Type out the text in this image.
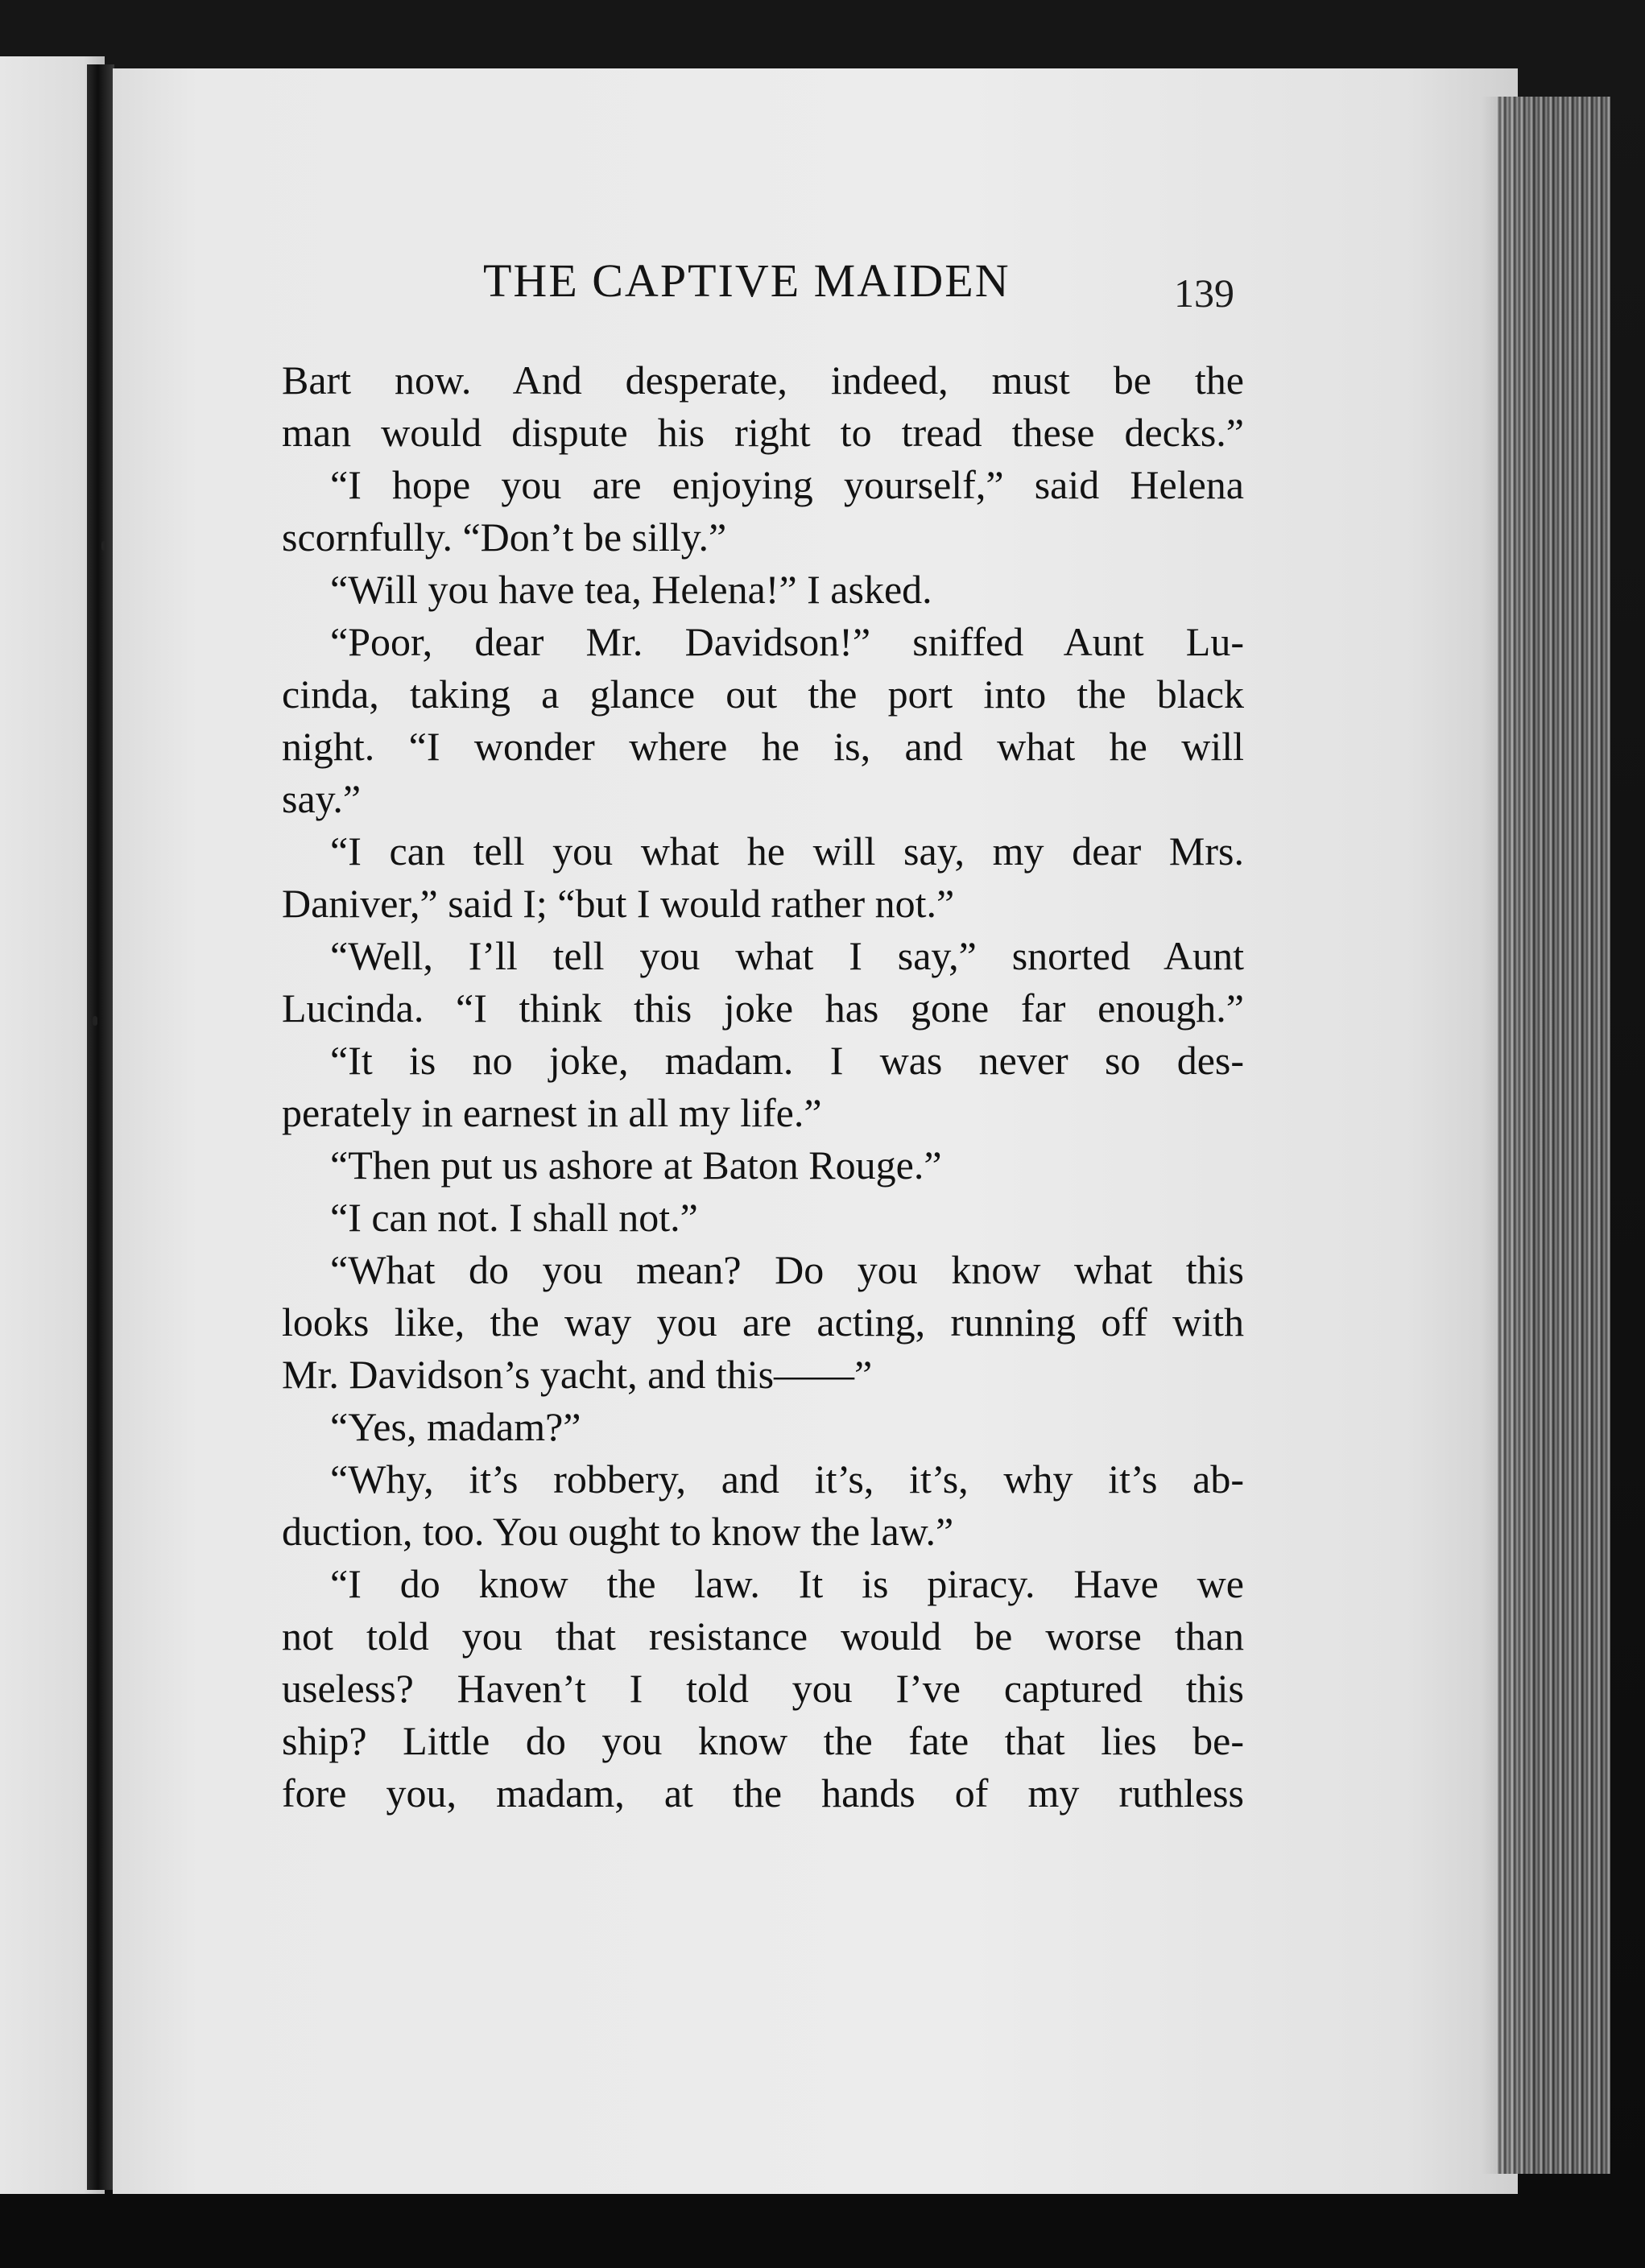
THE CAPTIVE MAIDEN	139
Bart now. And desperate, indeed, must be the
man would dispute his right to tread these decks.”
“I hope you are enjoying yourself,” said Helena
scornfully. “Don’t be silly.”
“Will you have tea, Helena!” I asked.
“Poor, dear Mr. Davidson!” sniffed Aunt Lu-
cinda, taking a glance out the port into the black
night. “I wonder where he is, and what he will
say.”
“I can tell you what he will say, my dear Mrs.
Daniver,” said I; “but I would rather not.”
“Well, I’ll tell you what I say,” snorted Aunt
Lucinda. “I think this joke has gone far enough.”
“It is no joke, madam. I was never so des-
perately in earnest in all my life.”
“Then put us ashore at Baton Rouge.”
“I can not. I shall not.”
“What do you mean? Do you know what this
looks like, the way you are acting, running off with
Mr. Davidson’s yacht, and this——”
“Yes, madam?”
“Why, it’s robbery, and it’s, it’s, why it’s ab-
duction, too. You ought to know the law.”
“I do know the law. It is piracy. Have we
not told you that resistance would be worse than
useless? Haven’t I told you I’ve captured this
ship? Little do you know the fate that lies be-
fore you, madam, at the hands of my ruthless
